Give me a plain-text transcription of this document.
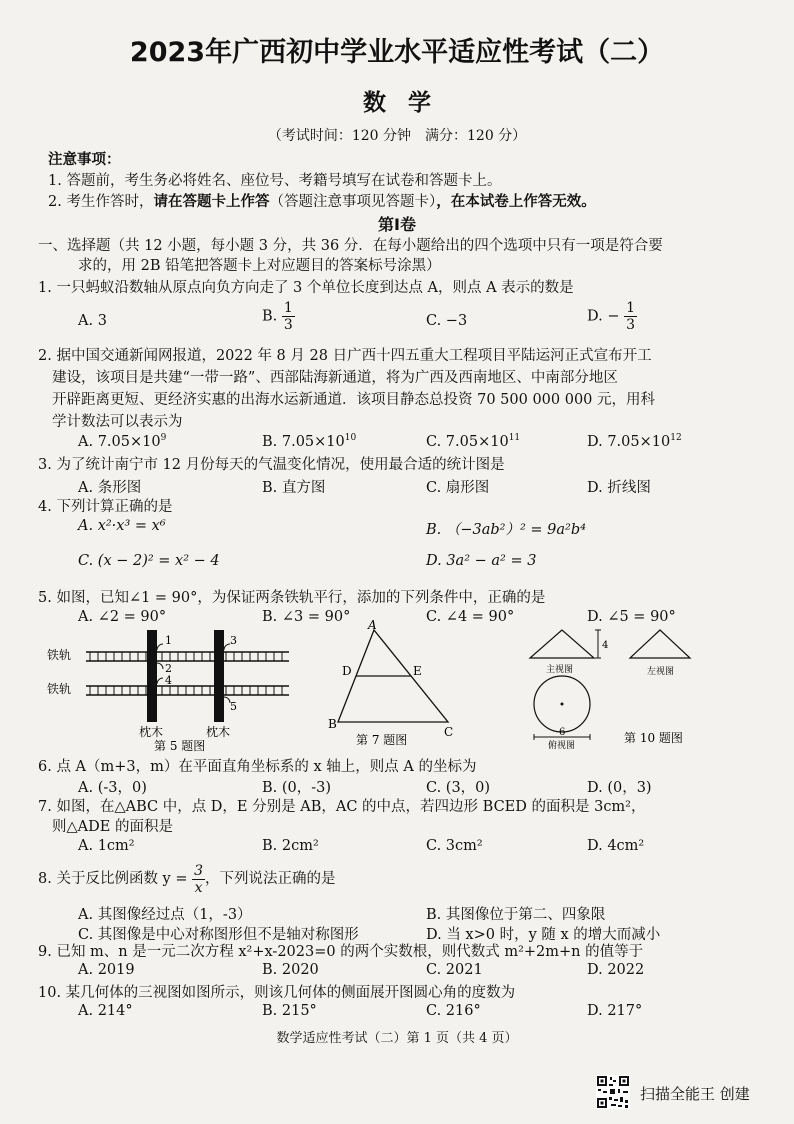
2023年广西初中学业水平适应性考试（二）
数学
（考试时间：120 分钟　满分：120 分）
注意事项：
1. 答题前，考生务必将姓名、座位号、考籍号填写在试卷和答题卡上。
2. 考生作答时，请在答题卡上作答（答题注意事项见答题卡），在本试卷上作答无效。
第Ⅰ卷
一、选择题（共 12 小题，每小题 3 分，共 36 分．在每小题给出的四个选项中只有一项是符合要
求的，用 2B 铅笔把答题卡上对应题目的答案标号涂黑）
1. 一只蚂蚁沿数轴从原点向负方向走了 3 个单位长度到达点 A，则点 A 表示的数是
A. 3	B. $\frac{1}{3}$	C. −3	D. − $\frac{1}{3}$
2. 据中国交通新闻网报道，2022 年 8 月 28 日广西十四五重大工程项目平陆运河正式宣布开工
建设，该项目是共建“一带一路”、西部陆海新通道，将为广西及西南地区、中南部分地区
开辟距离更短、更经济实惠的出海水运新通道．该项目静态总投资 70 500 000 000 元，用科
学计数法可以表示为
A. $7.05\times 10^9$	B. $7.05\times 10^{10}$	C. $7.05\times 10^{11}$	D. $7.05\times 10^{12}$
3. 为了统计南宁市 12 月份每天的气温变化情况，使用最合适的统计图是
A. 条形图	B. 直方图	C. 扇形图	D. 折线图
4. 下列计算正确的是
A. x²·x³ = x⁶	B. （−3ab²）² = 9a²b⁴
C. (x − 2)² = x² − 4	D. 3a² − a² = 3
5. 如图，已知∠1 = 90°，为保证两条铁轨平行，添加的下列条件中，正确的是
A. ∠2 = 90°	B. ∠3 = 90°	C. ∠4 = 90°	D. ∠5 = 90°
铁轨
铁轨
1
2
4
3
5
枕木	枕木
第 5 题图
A
D	E
B
C
第 7 题图
4
主视图	左视图
6
俯视图
第 10 题图
6. 点 A（m+3，m）在平面直角坐标系的 x 轴上，则点 A 的坐标为
A. (-3，0)	B. (0，-3)	C. (3，0)	D. (0，3)
7. 如图，在△ABC 中，点 D，E 分别是 AB，AC 的中点，若四边形 BCED 的面积是 3cm²，
则△ADE 的面积是
A. 1cm²	B. 2cm²	C. 3cm²	D. 4cm²
8. 关于反比例函数 $y = \frac{3}{x}$ ，下列说法正确的是
A. 其图像经过点（1，-3）	B. 其图像位于第二、四象限
C. 其图像是中心对称图形但不是轴对称图形	D. 当 x>0 时，y 随 x 的增大而减小
9. 已知 m、n 是一元二次方程 x²+x-2023=0 的两个实数根，则代数式 m²+2m+n 的值等于
A. 2019	B. 2020	C. 2021	D. 2022
10. 某几何体的三视图如图所示，则该几何体的侧面展开图圆心角的度数为
A. 214°	B. 215°	C. 216°	D. 217°
数学适应性考试（二）第 1 页（共 4 页）
扫描全能王 创建
